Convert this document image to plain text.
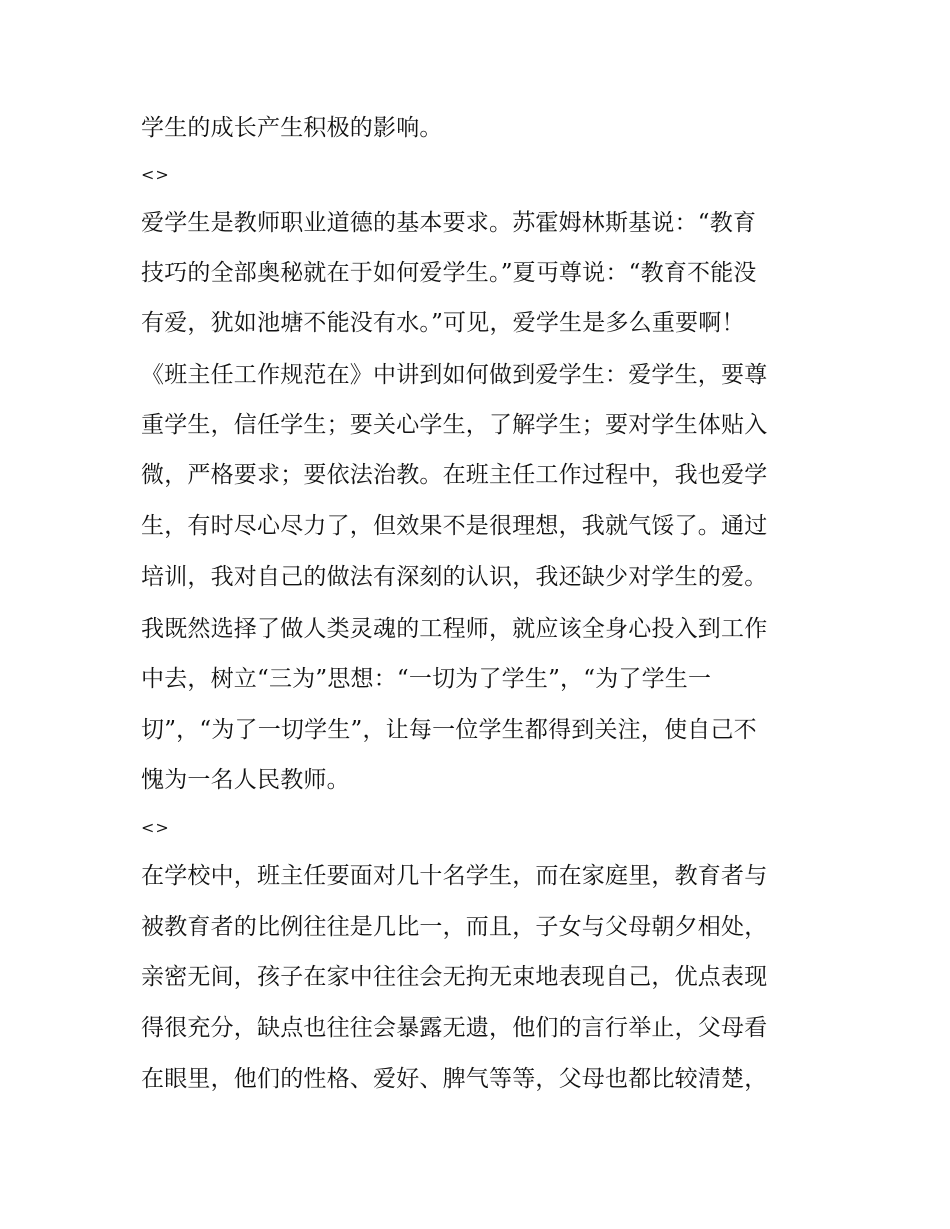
学生的成长产生积极的影响。
<>
爱学生是教师职业道德的基本要求。苏霍姆林斯基说：“教育
技巧的全部奥秘就在于如何爱学生。”夏丏尊说：“教育不能没
有爱，犹如池塘不能没有水。”可见，爱学生是多么重要啊！
《班主任工作规范在》中讲到如何做到爱学生：爱学生，要尊
重学生，信任学生；要关心学生，了解学生；要对学生体贴入
微，严格要求；要依法治教。在班主任工作过程中，我也爱学
生，有时尽心尽力了，但效果不是很理想，我就气馁了。通过
培训，我对自己的做法有深刻的认识，我还缺少对学生的爱。
我既然选择了做人类灵魂的工程师，就应该全身心投入到工作
中去，树立“三为”思想：“一切为了学生”，“为了学生一
切”，“为了一切学生”，让每一位学生都得到关注，使自己不
愧为一名人民教师。
<>
在学校中，班主任要面对几十名学生，而在家庭里，教育者与
被教育者的比例往往是几比一，而且，子女与父母朝夕相处，
亲密无间，孩子在家中往往会无拘无束地表现自己，优点表现
得很充分，缺点也往往会暴露无遗，他们的言行举止，父母看
在眼里，他们的性格、爱好、脾气等等，父母也都比较清楚，
